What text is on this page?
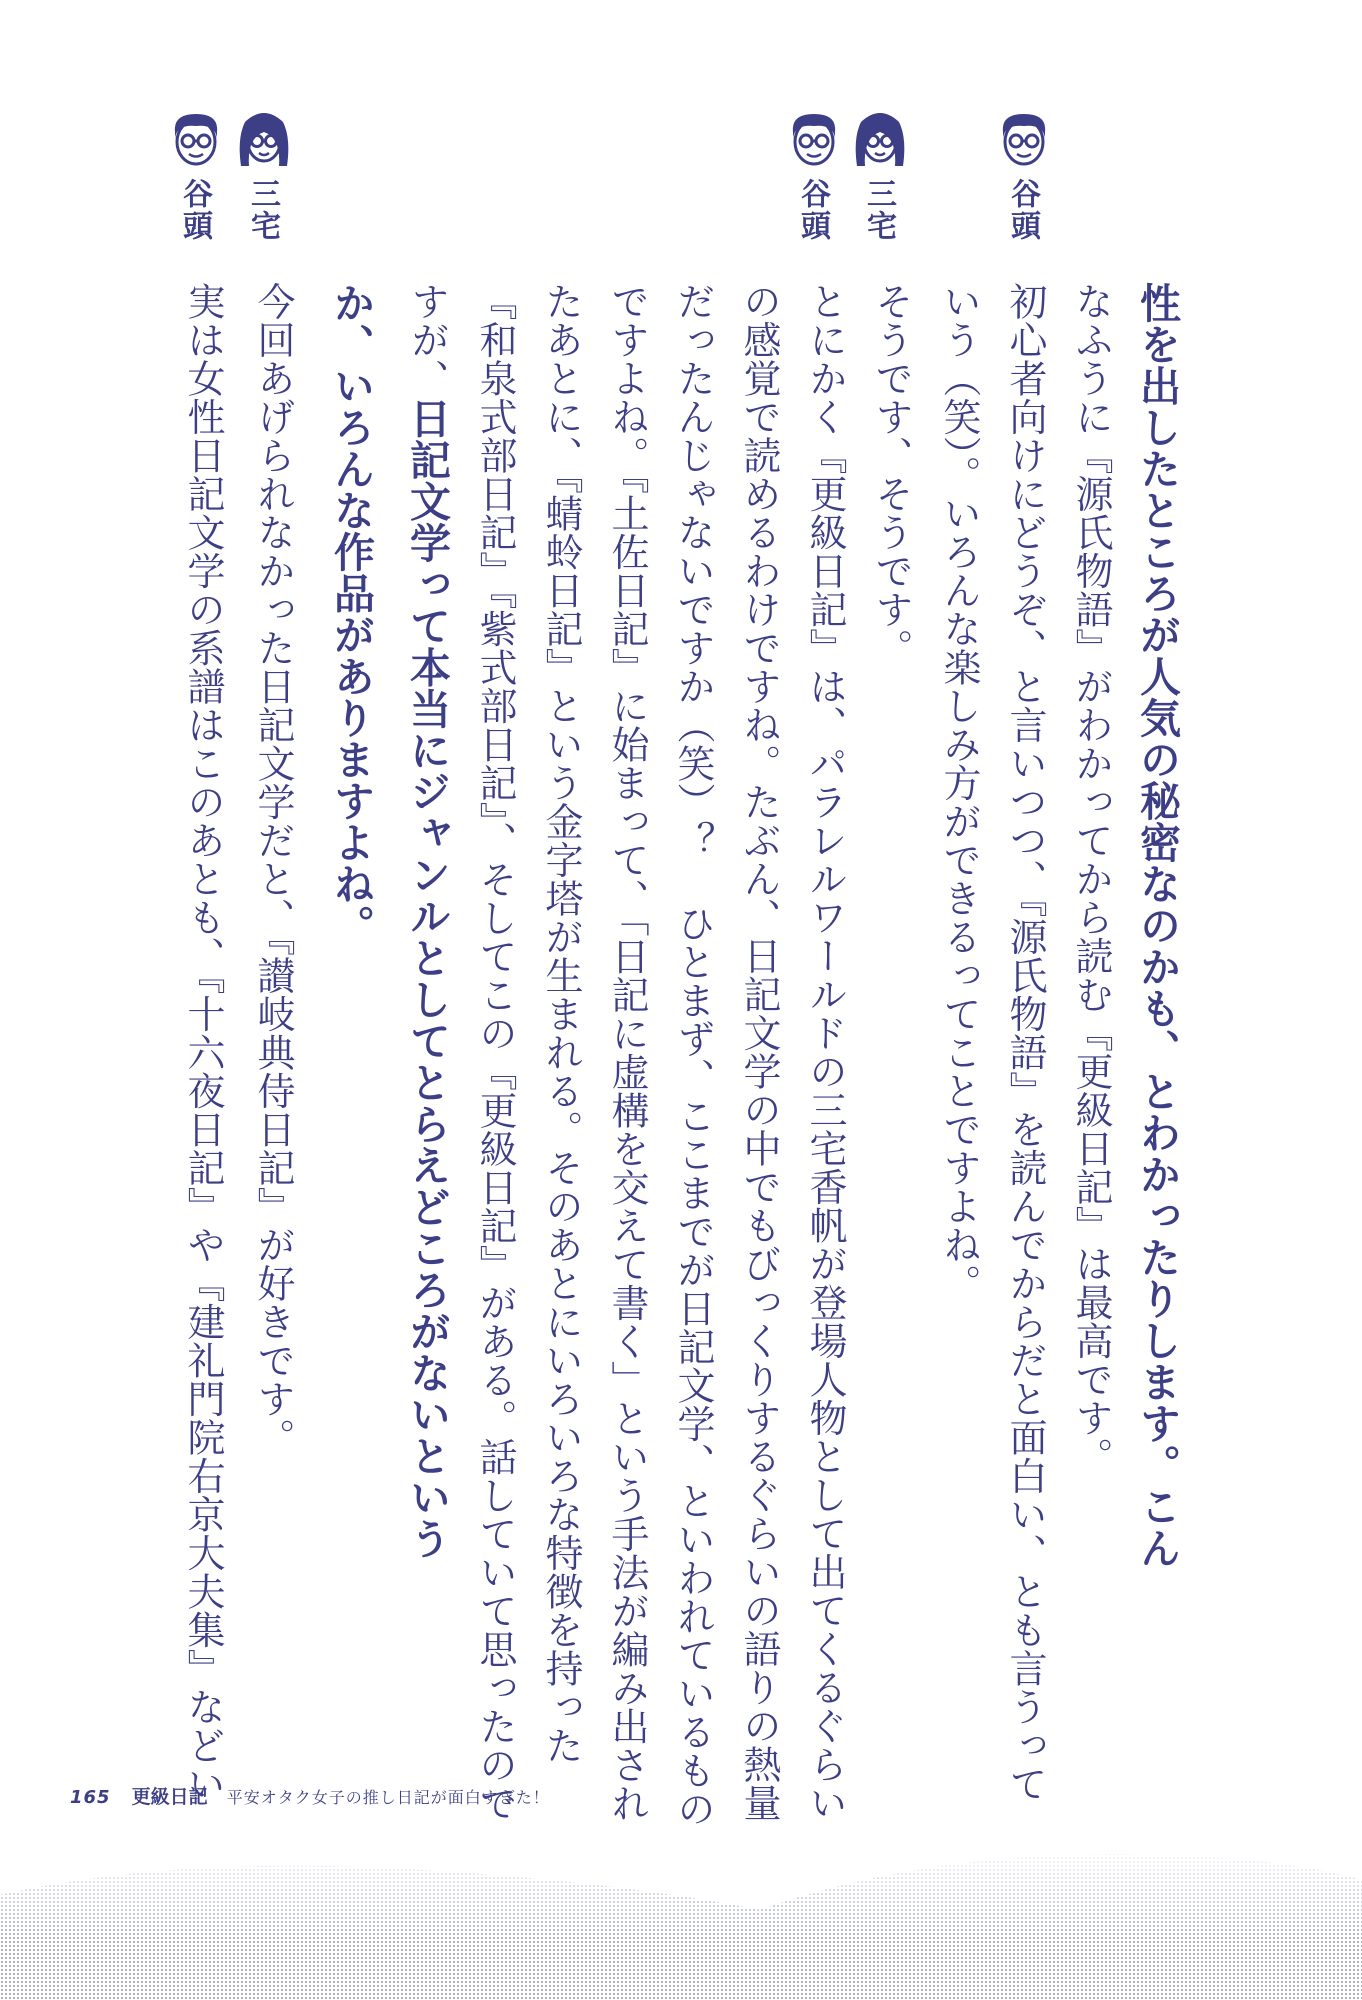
谷頭
谷頭 三宅
谷頭 三宅
性を出したところが人気の秘密なのかも、とわかったりします。こん
なふうに『源氏物語』がわかってから読む『更級日記』は最高です。
初心者向けにどうぞ、と言いつつ、『源氏物語』を読んでからだと面白い、とも言うって
いう（笑）。いろんな楽しみ方ができるってことですよね。
そうです、そうです。
とにかく『更級日記』は、パラレルワールドの三宅香帆が登場人物として出てくるぐらい
の感覚で読めるわけですね。たぶん、日記文学の中でもびっくりするぐらいの語りの熱量
だったんじゃないですか（笑）？ ひとまず、ここまでが日記文学、といわれているもの
ですよね。『土佐日記』に始まって、「日記に虚構を交えて書く」という手法が編み出され
たあとに、『蜻蛉日記』という金字塔が生まれる。そのあとにいろいろな特徴を持った
『和泉式部日記』『紫式部日記』、そしてこの『更級日記』がある。話していて思ったので
すが、日記文学って本当にジャンルとしてとらえどころがないという
か、いろんな作品がありますよね。
今回あげられなかった日記文学だと、『讃岐典侍日記』が好きです。
実は女性日記文学の系譜はこのあとも、『十六夜日記』や『建礼門院右京大夫集』などい
165 更級日記 平安オタク女子の推し日記が面白すぎた！
